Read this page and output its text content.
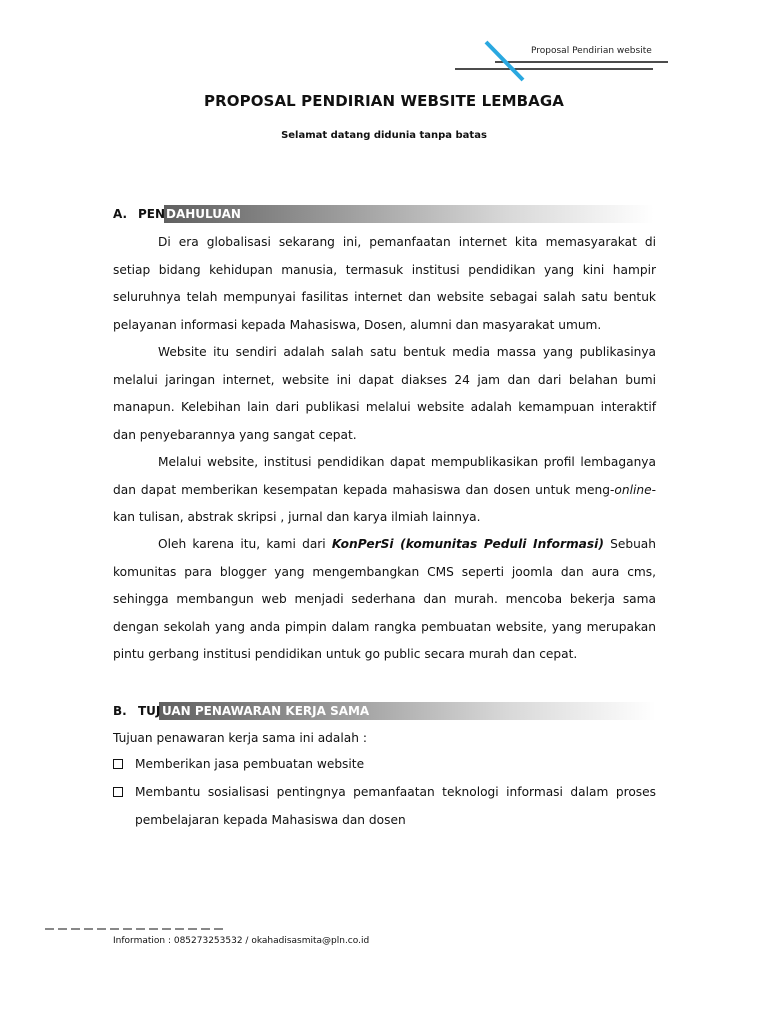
Proposal Pendirian website
PROPOSAL PENDIRIAN WEBSITE LEMBAGA
Selamat datang didunia tanpa batas
A. PEN DAHULUAN

Di era globalisasi sekarang ini, pemanfaatan internet kita memasyarakat di setiap bidang kehidupan manusia, termasuk institusi pendidikan yang kini hampir seluruhnya telah mempunyai fasilitas internet dan website sebagai salah satu bentuk pelayanan informasi kepada Mahasiswa, Dosen, alumni dan masyarakat umum.

Website itu sendiri adalah salah satu bentuk media massa yang publikasinya melalui jaringan internet, website ini dapat diakses 24 jam dan dari belahan bumi manapun. Kelebihan lain dari publikasi melalui website adalah kemampuan interaktif dan penyebarannya yang sangat cepat.

Melalui website, institusi pendidikan dapat mempublikasikan profil lembaganya dan dapat memberikan kesempatan kepada mahasiswa dan dosen untuk meng-online-kan tulisan, abstrak skripsi , jurnal dan karya ilmiah lainnya.

Oleh karena itu, kami dari KonPerSi (komunitas Peduli Informasi) Sebuah komunitas para blogger yang mengembangkan CMS seperti joomla dan aura cms, sehingga membangun web menjadi sederhana dan murah. mencoba bekerja sama dengan sekolah yang anda pimpin dalam rangka pembuatan website, yang merupakan pintu gerbang institusi pendidikan untuk go public secara murah dan cepat.

B. TUJ UAN PENAWARAN KERJA SAMA
Tujuan penawaran kerja sama ini adalah :
Memberikan jasa pembuatan website
Membantu sosialisasi pentingnya pemanfaatan teknologi informasi dalam proses pembelajaran kepada Mahasiswa dan dosen
Information : 085273253532 / okahadisasmita@pln.co.id
